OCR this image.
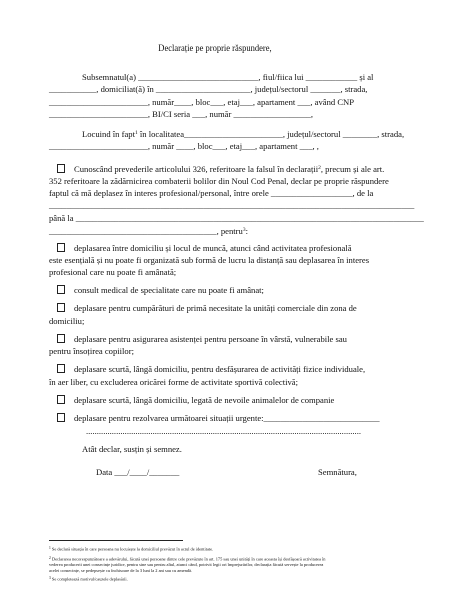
Declarație pe proprie răspundere,
Subsemnatul(a) ____________________________, fiul/fiica lui ____________ și al
___________, domiciliat(ă) în ______________________, județul/sectorul _______, strada,
_______________________, număr____, bloc___, etaj___, apartament ___, având CNP
_______________________, BI/CI seria ___, număr __________________,
Locuind în fapt$^1$ în localitatea_______________________, județul/sectorul ________, strada,
_______________________, număr ____, bloc___, etaj___, apartament ___, ,
Cunoscând prevederile articolului 326, referitoare la falsul în declarații$^2$, precum și ale art.
352 referitoare la zădărnicirea combaterii bolilor din Noul Cod Penal, declar pe proprie răspundere
faptul că mă deplasez în interes profesional/personal, între orele ___________________, de la
_____________________________________________________________________________________
până la _________________________________________________________________________________
_______________________________________, pentru$^3$:
deplasarea între domiciliu și locul de muncă, atunci când activitatea profesională
este esențială și nu poate fi organizată sub formă de lucru la distanță sau deplasarea în interes
profesional care nu poate fi amânată;
consult medical de specialitate care nu poate fi amânat;
deplasare pentru cumpărături de primă necesitate la unități comerciale din zona de
domiciliu;
deplasare pentru asigurarea asistenței pentru persoane în vârstă, vulnerabile sau
pentru însoțirea copiilor;
deplasare scurtă, lângă domiciliu, pentru desfășurarea de activități fizice individuale,
în aer liber, cu excluderea oricărei forme de activitate sportivă colectivă;
deplasare scurtă, lângă domiciliu, legată de nevoile animalelor de companie
deplasare pentru rezolvarea următoarei situații urgente:___________________________
................................................................................................................................
Atât declar, susțin și semnez.
Data ___/____/_______	Semnătura,
$^1$ Se declară situația în care persoana nu locuiește la domiciliul prevăzut în actul de identitate.
$^2$ Declararea necorespunzătoare a adevărului, făcută unei persoane dintre cele prevăzute în art. 175 sau unei unități în care aceasta își desfășoară activitatea în
vederea producerii unei consecințe juridice, pentru sine sau pentru altul, atunci când, potrivit legii ori împrejurărilor, declarația făcută servește la producerea
acelei consecințe, se pedepsește cu închisoare de la 3 luni la 2 ani sau cu amendă.
$^3$ Se completează motivul/cauzele deplasării.
